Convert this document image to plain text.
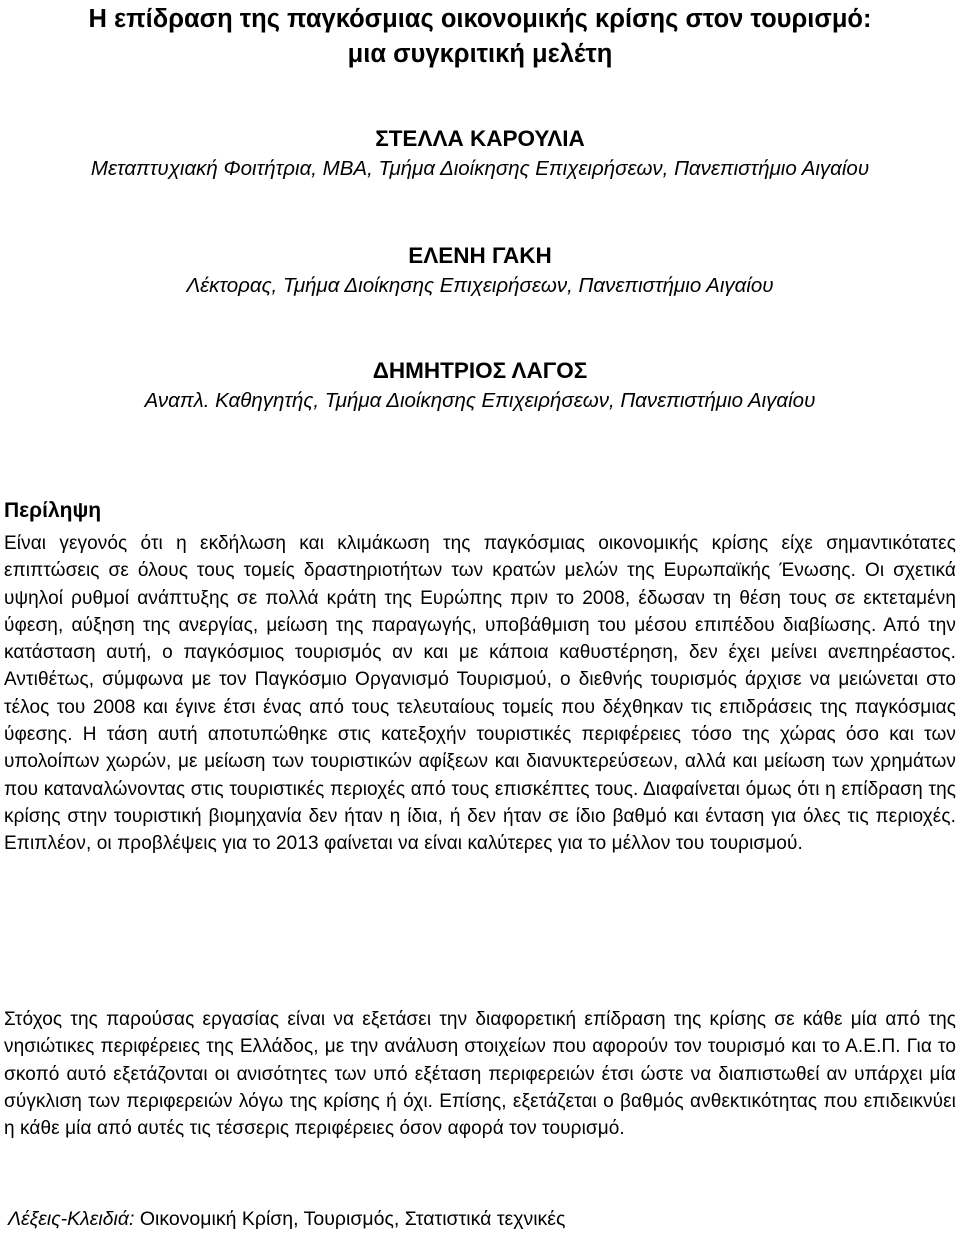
Η επίδραση της παγκόσμιας οικονομικής κρίσης στον τουρισμό:
μια συγκριτική μελέτη
ΣΤΕΛΛΑ ΚΑΡΟΥΛΙΑ
Μεταπτυχιακή Φοιτήτρια, MBA, Τμήμα Διοίκησης Επιχειρήσεων, Πανεπιστήμιο Αιγαίου
ΕΛΕΝΗ ΓΑΚΗ
Λέκτορας, Τμήμα Διοίκησης Επιχειρήσεων, Πανεπιστήμιο Αιγαίου
ΔΗΜΗΤΡΙΟΣ ΛΑΓΟΣ
Αναπλ. Καθηγητής, Τμήμα Διοίκησης Επιχειρήσεων, Πανεπιστήμιο Αιγαίου
Περίληψη
Είναι γεγονός ότι η εκδήλωση και κλιμάκωση της παγκόσμιας οικονομικής κρίσης είχε σημαντικότατες επιπτώσεις σε όλους τους τομείς δραστηριοτήτων των κρατών μελών της Ευρωπαϊκής Ένωσης. Οι σχετικά υψηλοί ρυθμοί ανάπτυξης σε πολλά κράτη της Ευρώπης πριν το 2008, έδωσαν τη θέση τους σε εκτεταμένη ύφεση, αύξηση της ανεργίας, μείωση της παραγωγής, υποβάθμιση του μέσου επιπέδου διαβίωσης. Από την κατάσταση αυτή, ο παγκόσμιος τουρισμός αν και με κάποια καθυστέρηση, δεν έχει μείνει ανεπηρέαστος. Αντιθέτως, σύμφωνα με τον Παγκόσμιο Οργανισμό Τουρισμού, ο διεθνής τουρισμός άρχισε να μειώνεται στο τέλος του 2008 και έγινε έτσι ένας από τους τελευταίους τομείς που δέχθηκαν τις επιδράσεις της παγκόσμιας ύφεσης. Η τάση αυτή αποτυπώθηκε στις κατεξοχήν τουριστικές περιφέρειες τόσο της χώρας όσο και των υπολοίπων χωρών, με μείωση των τουριστικών αφίξεων και διανυκτερεύσεων, αλλά και μείωση των χρημάτων που καταναλώνοντας στις τουριστικές περιοχές από τους επισκέπτες τους. Διαφαίνεται όμως ότι η επίδραση της κρίσης στην τουριστική βιομηχανία δεν ήταν η ίδια, ή δεν ήταν σε ίδιο βαθμό και ένταση για όλες τις περιοχές. Επιπλέον, οι προβλέψεις για το 2013 φαίνεται να είναι καλύτερες για το μέλλον του τουρισμού.
Στόχος της παρούσας εργασίας είναι να εξετάσει την διαφορετική επίδραση της κρίσης σε κάθε μία από της νησιώτικες περιφέρειες της Ελλάδος, με την ανάλυση στοιχείων που αφορούν τον τουρισμό και το Α.Ε.Π. Για το σκοπό αυτό εξετάζονται οι ανισότητες των υπό εξέταση περιφερειών έτσι ώστε να διαπιστωθεί αν υπάρχει μία σύγκλιση των περιφερειών λόγω της κρίσης ή όχι. Επίσης, εξετάζεται ο βαθμός ανθεκτικότητας που επιδεικνύει η κάθε μία από αυτές τις τέσσερις περιφέρειες όσον αφορά τον τουρισμό.
Λέξεις-Κλειδιά: Οικονομική Κρίση, Τουρισμός, Στατιστικά τεχνικές
